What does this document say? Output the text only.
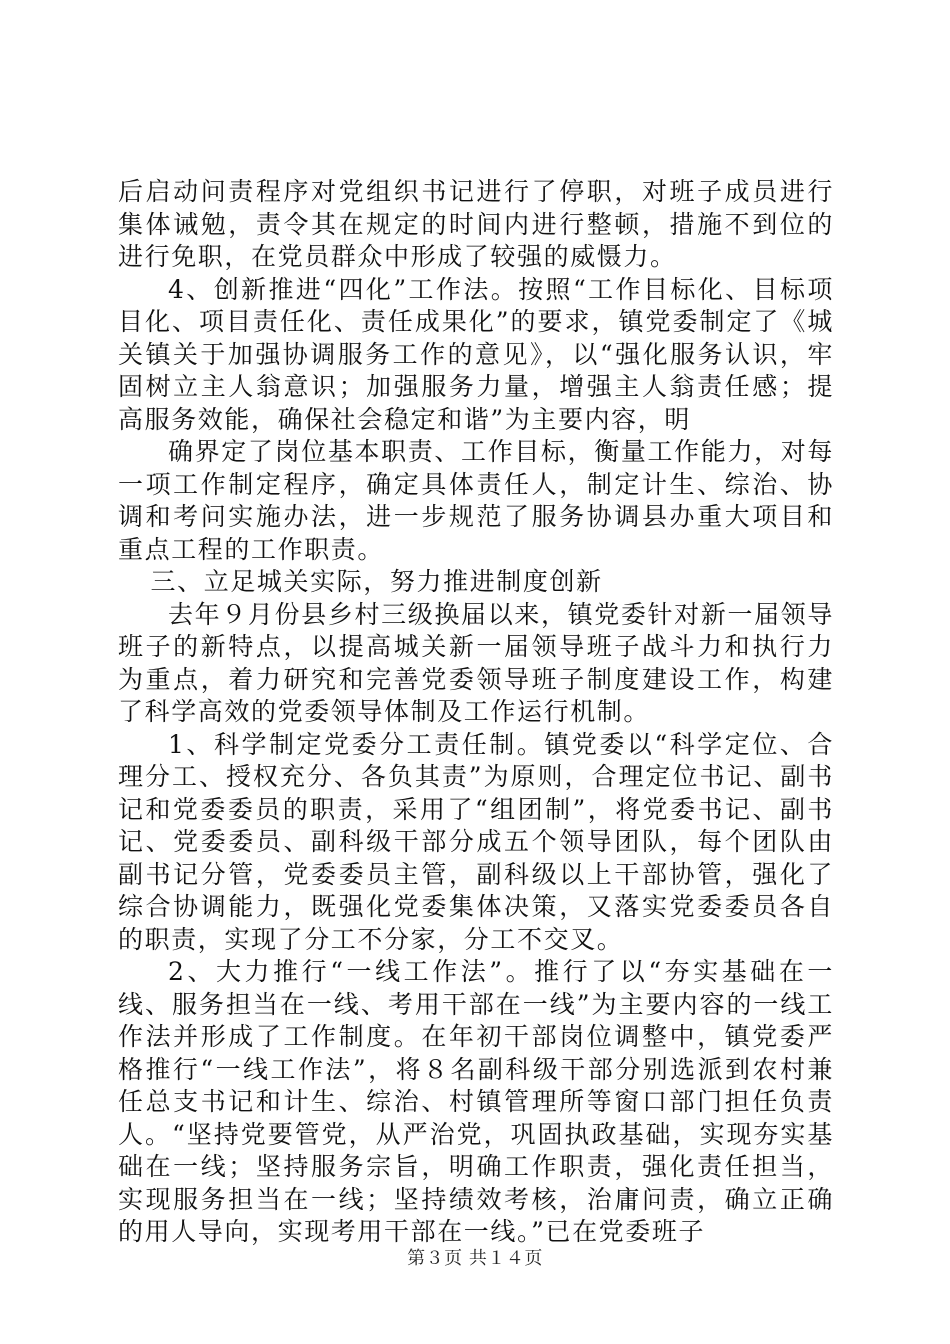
后启动问责程序对党组织书记进行了停职，对班子成员进行集体诫勉，责令其在规定的时间内进行整顿，措施不到位的进行免职，在党员群众中形成了较强的威慑力。

4、创新推进“四化”工作法。按照“工作目标化、目标项目化、项目责任化、责任成果化”的要求，镇党委制定了《城关镇关于加强协调服务工作的意见》，以“强化服务认识，牢固树立主人翁意识；加强服务力量，增强主人翁责任感；提高服务效能，确保社会稳定和谐”为主要内容，明

确界定了岗位基本职责、工作目标，衡量工作能力，对每一项工作制定程序，确定具体责任人，制定计生、综治、协调和考问实施办法，进一步规范了服务协调县办重大项目和重点工程的工作职责。

三、立足城关实际，努力推进制度创新

去年９月份县乡村三级换届以来，镇党委针对新一届领导班子的新特点，以提高城关新一届领导班子战斗力和执行力为重点，着力研究和完善党委领导班子制度建设工作，构建了科学高效的党委领导体制及工作运行机制。

1、科学制定党委分工责任制。镇党委以“科学定位、合理分工、授权充分、各负其责”为原则，合理定位书记、副书记和党委委员的职责，采用了“组团制”，将党委书记、副书记、党委委员、副科级干部分成五个领导团队，每个团队由副书记分管，党委委员主管，副科级以上干部协管，强化了综合协调能力，既强化党委集体决策，又落实党委委员各自的职责，实现了分工不分家，分工不交叉。

2、大力推行“一线工作法”。推行了以“夯实基础在一线、服务担当在一线、考用干部在一线”为主要内容的一线工作法并形成了工作制度。在年初干部岗位调整中，镇党委严格推行“一线工作法”，将８名副科级干部分别选派到农村兼任总支书记和计生、综治、村镇管理所等窗口部门担任负责人。“坚持党要管党，从严治党，巩固执政基础，实现夯实基础在一线；坚持服务宗旨，明确工作职责，强化责任担当，实现服务担当在一线；坚持绩效考核，治庸问责，确立正确的用人导向，实现考用干部在一线。”已在党委班子

第３页 共１４页
